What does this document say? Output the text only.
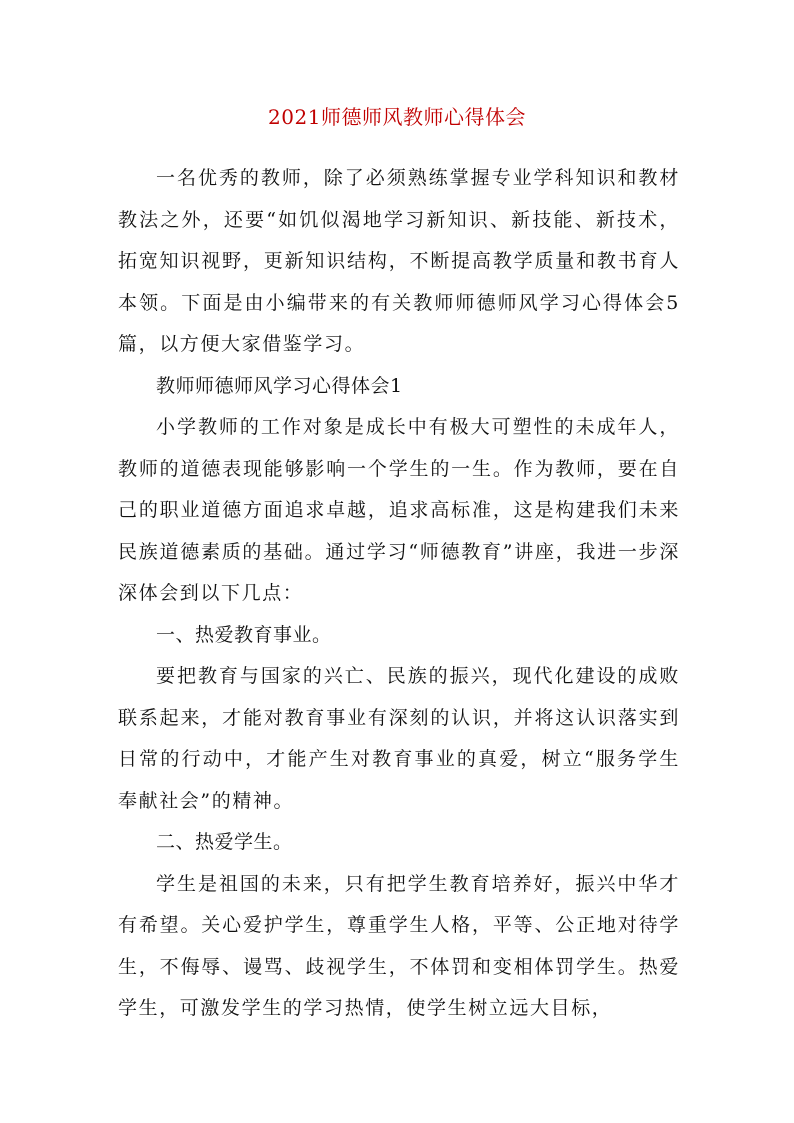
2021师德师风教师心得体会

一名优秀的教师，除了必须熟练掌握专业学科知识和教材教法之外，还要“如饥似渴地学习新知识、新技能、新技术，拓宽知识视野，更新知识结构，不断提高教学质量和教书育人本领。下面是由小编带来的有关教师师德师风学习心得体会5篇，以方便大家借鉴学习。

教师师德师风学习心得体会1

小学教师的工作对象是成长中有极大可塑性的未成年人，教师的道德表现能够影响一个学生的一生。作为教师，要在自己的职业道德方面追求卓越，追求高标准，这是构建我们未来民族道德素质的基础。通过学习“师德教育”讲座，我进一步深深体会到以下几点：

一、热爱教育事业。

要把教育与国家的兴亡、民族的振兴，现代化建设的成败联系起来，才能对教育事业有深刻的认识，并将这认识落实到日常的行动中，才能产生对教育事业的真爱，树立“服务学生奉献社会”的精神。

二、热爱学生。

学生是祖国的未来，只有把学生教育培养好，振兴中华才有希望。关心爱护学生，尊重学生人格，平等、公正地对待学生，不侮辱、谩骂、歧视学生，不体罚和变相体罚学生。热爱学生，可激发学生的学习热情，使学生树立远大目标，
